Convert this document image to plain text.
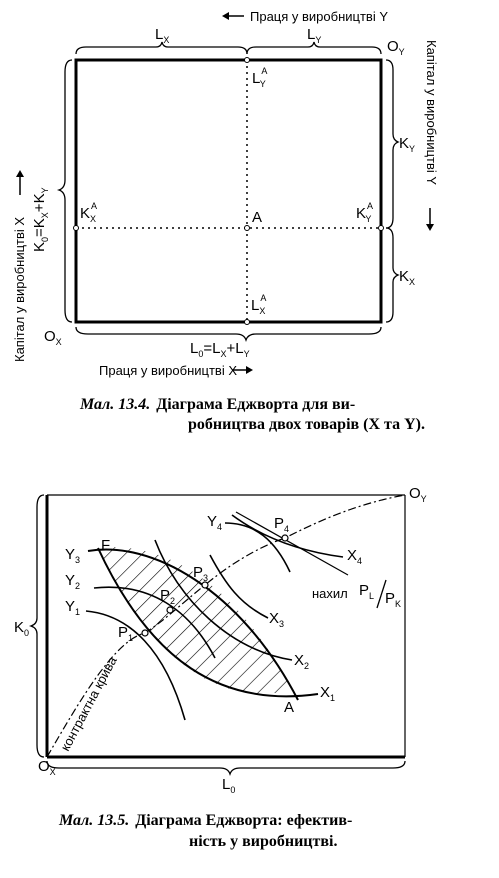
Праця у виробництві Y
Праця у виробництві X
Капітал у виробництві X
Капітал у виробництві Y
$K_0=K_X+K_Y$
$L_X$	$L_Y$	$O_Y$
$O_X$
$K_Y$
$K_X$
A
$L^A$ Y
$L^A$ X
$K^A$ X	$K^A$ Y
$L_0=L_X+L_Y$
Мал. 13.4. Діаграма Еджворта для ви-
робництва двох товарів (X та Y).
$O_Y$
$O_X$
$K_0$
$L_0$
F
A
$P_1$
$P_2$
$P_3$
$P_4$
$Y_3$
$Y_2$
$Y_1$
$Y_4$
$X_1$
$X_2$
$X_3$
$X_4$
нахил $P_L$ $P_K$
контрактна крива
Мал. 13.5. Діаграма Еджворта: ефектив-
ність у виробництві.
